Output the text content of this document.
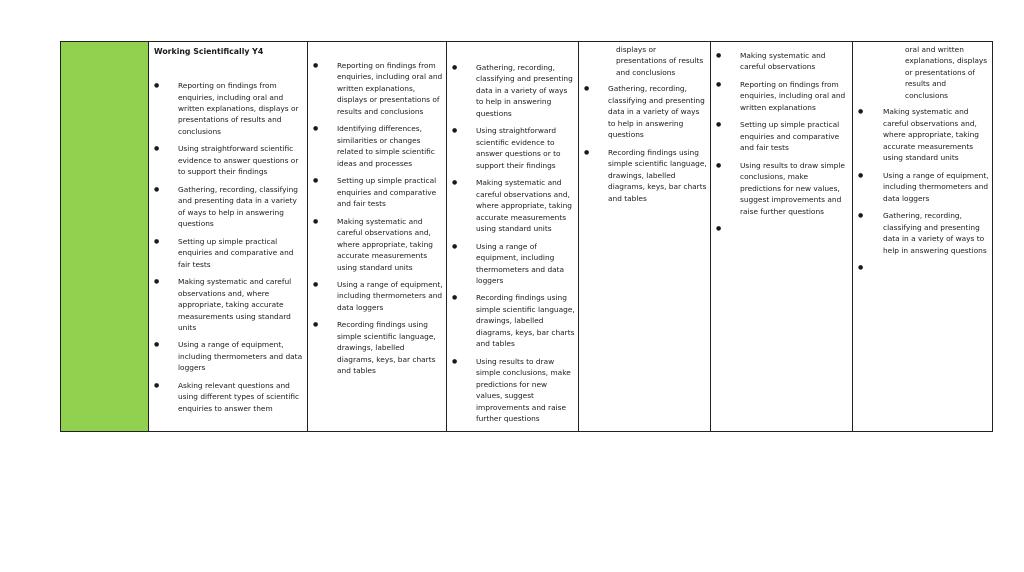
Working Scientifically Y4
● Reporting on findings from enquiries, including oral and written explanations, displays or presentations of results and conclusions
● Using straightforward scientific evidence to answer questions or to support their findings
● Gathering, recording, classifying and presenting data in a variety of ways to help in answering questions
● Setting up simple practical enquiries and comparative and fair tests
● Making systematic and careful observations and, where appropriate, taking accurate measurements using standard units
● Using a range of equipment, including thermometers and data loggers
● Asking relevant questions and using different types of scientific enquiries to answer them

● Reporting on findings from enquiries, including oral and written explanations, displays or presentations of results and conclusions
● Identifying differences, similarities or changes related to simple scientific ideas and processes
● Setting up simple practical enquiries and comparative and fair tests
● Making systematic and careful observations and, where appropriate, taking accurate measurements using standard units
● Using a range of equipment, including thermometers and data loggers
● Recording findings using simple scientific language, drawings, labelled diagrams, keys, bar charts and tables

● Gathering, recording, classifying and presenting data in a variety of ways to help in answering questions
● Using straightforward scientific evidence to answer questions or to support their findings
● Making systematic and careful observations and, where appropriate, taking accurate measurements using standard units
● Using a range of equipment, including thermometers and data loggers
● Recording findings using simple scientific language, drawings, labelled diagrams, keys, bar charts and tables
● Using results to draw simple conclusions, make predictions for new values, suggest improvements and raise further questions

displays or presentations of results and conclusions
● Gathering, recording, classifying and presenting data in a variety of ways to help in answering questions
● Recording findings using simple scientific language, drawings, labelled diagrams, keys, bar charts and tables

● Making systematic and careful observations
● Reporting on findings from enquiries, including oral and written explanations
● Setting up simple practical enquiries and comparative and fair tests
● Using results to draw simple conclusions, make predictions for new values, suggest improvements and raise further questions

oral and written explanations, displays or presentations of results and conclusions
● Making systematic and careful observations and, where appropriate, taking accurate measurements using standard units
● Using a range of equipment, including thermometers and data loggers
● Gathering, recording, classifying and presenting data in a variety of ways to help in answering questions
